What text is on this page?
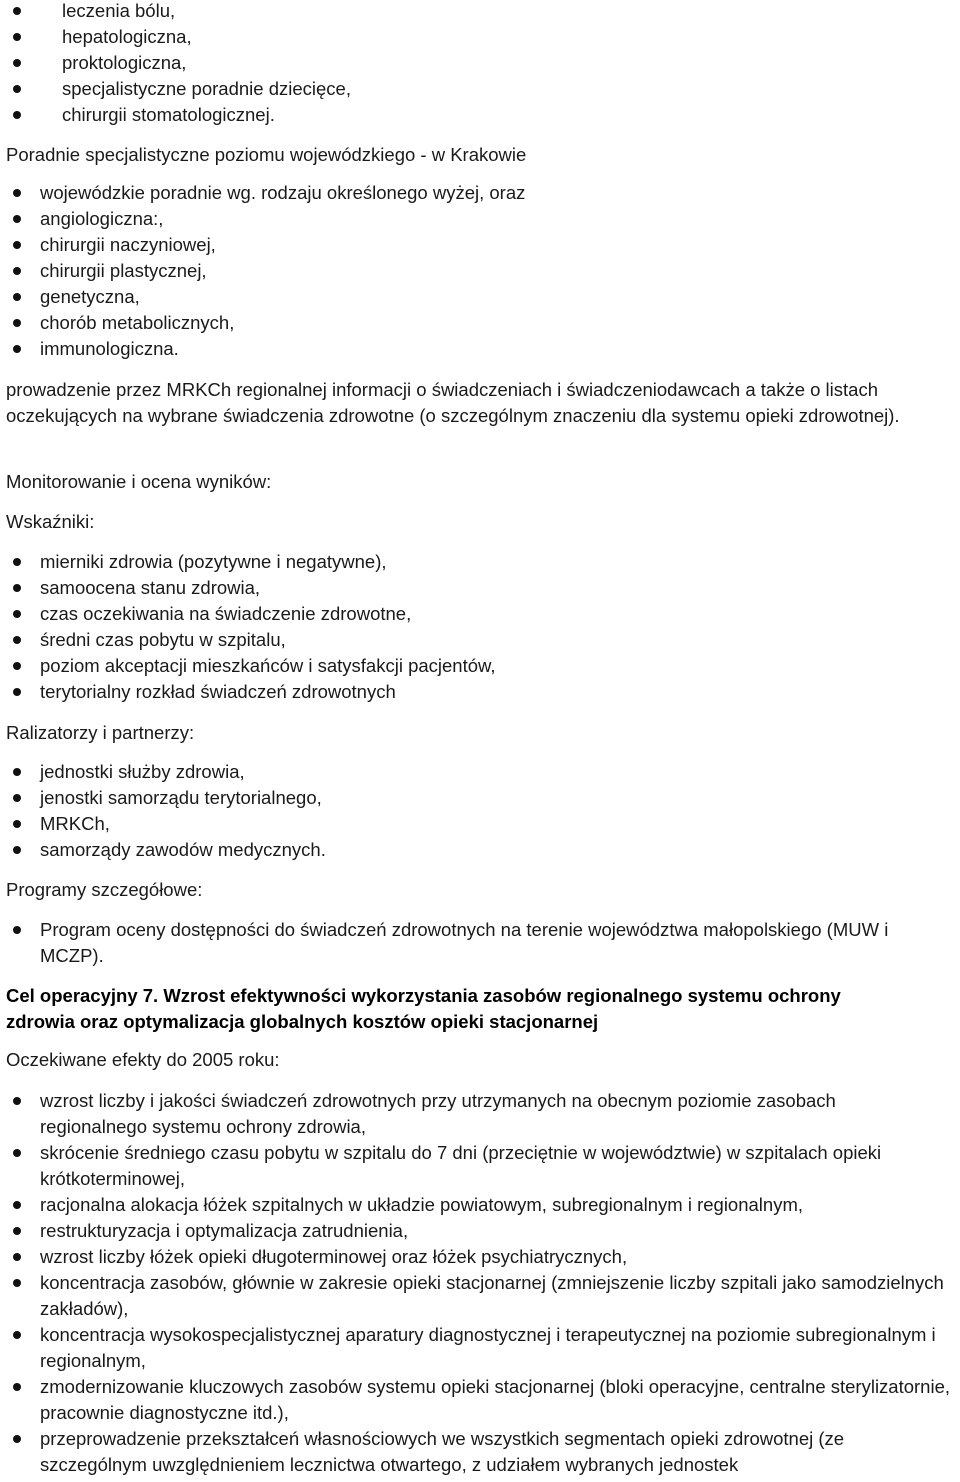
leczenia bólu,
hepatologiczna,
proktologiczna,
specjalistyczne poradnie dziecięce,
chirurgii stomatologicznej.

Poradnie specjalistyczne poziomu wojewódzkiego - w Krakowie

wojewódzkie poradnie wg. rodzaju określonego wyżej, oraz
angiologiczna:,
chirurgii naczyniowej,
chirurgii plastycznej,
genetyczna,
chorób metabolicznych,
immunologiczna.

prowadzenie przez MRKCh regionalnej informacji o świadczeniach i świadczeniodawcach a także o listach oczekujących na wybrane świadczenia zdrowotne (o szczególnym znaczeniu dla systemu opieki zdrowotnej).

Monitorowanie i ocena wyników:

Wskaźniki:

mierniki zdrowia (pozytywne i negatywne),
samoocena stanu zdrowia,
czas oczekiwania na świadczenie zdrowotne,
średni czas pobytu w szpitalu,
poziom akceptacji mieszkańców i satysfakcji pacjentów,
terytorialny rozkład świadczeń zdrowotnych

Ralizatorzy i partnerzy:

jednostki służby zdrowia,
jenostki samorządu terytorialnego,
MRKCh,
samorządy zawodów medycznych.

Programy szczegółowe:

Program oceny dostępności do świadczeń zdrowotnych na terenie województwa małopolskiego (MUW i MCZP).

Cel operacyjny 7. Wzrost efektywności wykorzystania zasobów regionalnego systemu ochrony zdrowia oraz optymalizacja globalnych kosztów opieki stacjonarnej

Oczekiwane efekty do 2005 roku:

wzrost liczby i jakości świadczeń zdrowotnych przy utrzymanych na obecnym poziomie zasobach regionalnego systemu ochrony zdrowia,
skrócenie średniego czasu pobytu w szpitalu do 7 dni (przeciętnie w województwie) w szpitalach opieki krótkoterminowej,
racjonalna alokacja łóżek szpitalnych w układzie powiatowym, subregionalnym i regionalnym,
restrukturyzacja i optymalizacja zatrudnienia,
wzrost liczby łóżek opieki długoterminowej oraz łóżek psychiatrycznych,
koncentracja zasobów, głównie w zakresie opieki stacjonarnej (zmniejszenie liczby szpitali jako samodzielnych zakładów),
koncentracja wysokospecjalistycznej aparatury diagnostycznej i terapeutycznej na poziomie subregionalnym i regionalnym,
zmodernizowanie kluczowych zasobów systemu opieki stacjonarnej (bloki operacyjne, centralne sterylizatornie, pracownie diagnostyczne itd.),
przeprowadzenie przekształceń własnościowych we wszystkich segmentach opieki zdrowotnej (ze szczególnym uwzględnieniem lecznictwa otwartego, z udziałem wybranych jednostek
